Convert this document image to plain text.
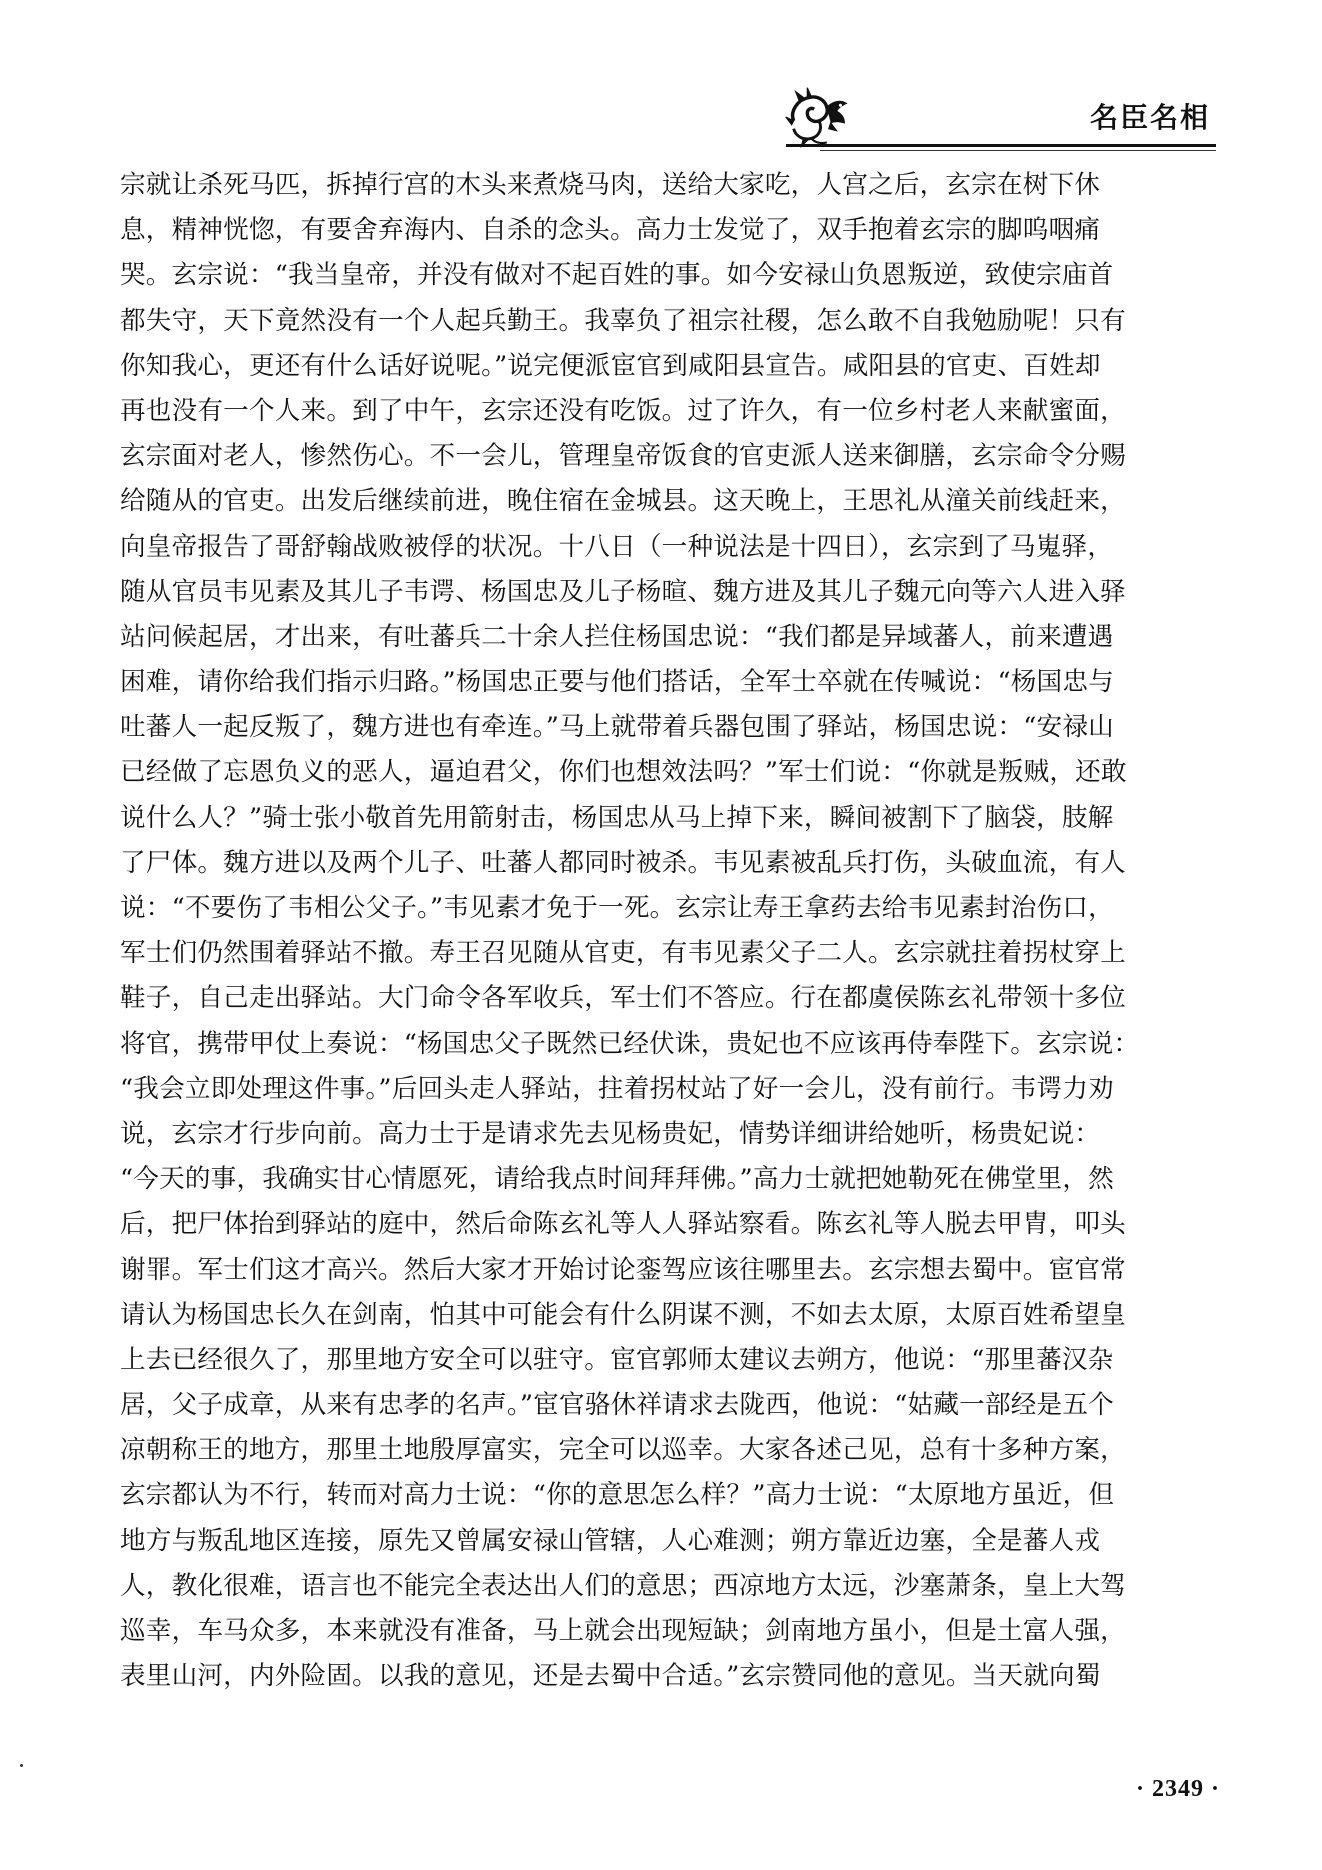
名臣名相
宗就让杀死马匹，拆掉行宫的木头来煮烧马肉，送给大家吃，人宫之后，玄宗在树下休
息，精神恍惚，有要舍弃海内、自杀的念头。高力士发觉了，双手抱着玄宗的脚呜咽痛
哭。玄宗说：“我当皇帝，并没有做对不起百姓的事。如今安禄山负恩叛逆，致使宗庙首
都失守，天下竟然没有一个人起兵勤王。我辜负了祖宗社稷，怎么敢不自我勉励呢！只有
你知我心，更还有什么话好说呢。”说完便派宦官到咸阳县宣告。咸阳县的官吏、百姓却
再也没有一个人来。到了中午，玄宗还没有吃饭。过了许久，有一位乡村老人来献蜜面，
玄宗面对老人，惨然伤心。不一会儿，管理皇帝饭食的官吏派人送来御膳，玄宗命令分赐
给随从的官吏。出发后继续前进，晚住宿在金城县。这天晚上，王思礼从潼关前线赶来，
向皇帝报告了哥舒翰战败被俘的状况。十八日（一种说法是十四日），玄宗到了马嵬驿，
随从官员韦见素及其儿子韦谔、杨国忠及儿子杨暄、魏方进及其儿子魏元向等六人进入驿
站问候起居，才出来，有吐蕃兵二十余人拦住杨国忠说：“我们都是异域蕃人，前来遭遇
困难，请你给我们指示归路。”杨国忠正要与他们搭话，全军士卒就在传喊说：“杨国忠与
吐蕃人一起反叛了，魏方进也有牵连。”马上就带着兵器包围了驿站，杨国忠说：“安禄山
已经做了忘恩负义的恶人，逼迫君父，你们也想效法吗？”军士们说：“你就是叛贼，还敢
说什么人？”骑士张小敬首先用箭射击，杨国忠从马上掉下来，瞬间被割下了脑袋，肢解
了尸体。魏方进以及两个儿子、吐蕃人都同时被杀。韦见素被乱兵打伤，头破血流，有人
说：“不要伤了韦相公父子。”韦见素才免于一死。玄宗让寿王拿药去给韦见素封治伤口，
军士们仍然围着驿站不撤。寿王召见随从官吏，有韦见素父子二人。玄宗就拄着拐杖穿上
鞋子，自己走出驿站。大门命令各军收兵，军士们不答应。行在都虞侯陈玄礼带领十多位
将官，携带甲仗上奏说：“杨国忠父子既然已经伏诛，贵妃也不应该再侍奉陛下。玄宗说：
“我会立即处理这件事。”后回头走人驿站，拄着拐杖站了好一会儿，没有前行。韦谔力劝
说，玄宗才行步向前。高力士于是请求先去见杨贵妃，情势详细讲给她听，杨贵妃说：
“今天的事，我确实甘心情愿死，请给我点时间拜拜佛。”高力士就把她勒死在佛堂里，然
后，把尸体抬到驿站的庭中，然后命陈玄礼等人人驿站察看。陈玄礼等人脱去甲胄，叩头
谢罪。军士们这才高兴。然后大家才开始讨论銮驾应该往哪里去。玄宗想去蜀中。宦官常
请认为杨国忠长久在剑南，怕其中可能会有什么阴谋不测，不如去太原，太原百姓希望皇
上去已经很久了，那里地方安全可以驻守。宦官郭师太建议去朔方，他说：“那里蕃汉杂
居，父子成章，从来有忠孝的名声。”宦官骆休祥请求去陇西，他说：“姑藏一部经是五个
凉朝称王的地方，那里土地殷厚富实，完全可以巡幸。大家各述己见，总有十多种方案，
玄宗都认为不行，转而对高力士说：“你的意思怎么样？”高力士说：“太原地方虽近，但
地方与叛乱地区连接，原先又曾属安禄山管辖，人心难测；朔方靠近边塞，全是蕃人戎
人，教化很难，语言也不能完全表达出人们的意思；西凉地方太远，沙塞萧条，皇上大驾
巡幸，车马众多，本来就没有准备，马上就会出现短缺；剑南地方虽小，但是土富人强，
表里山河，内外险固。以我的意见，还是去蜀中合适。”玄宗赞同他的意见。当天就向蜀
· 2349 ·
